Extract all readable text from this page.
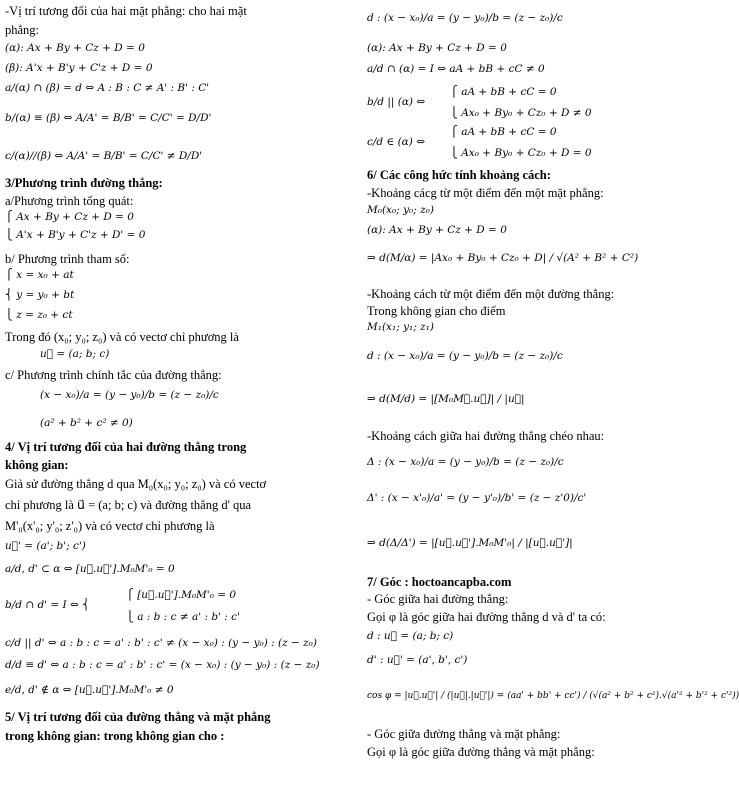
-Vị trí tương đối của hai mặt phẳng: cho hai mặt
phẳng:
(α): Ax + By + Cz + D = 0
(β): A'x + B'y + C'z + D = 0
a/(α) ∩ (β) = d ⇔ A : B : C ≠ A' : B' : C'
b/(α) ≡ (β) ⇔ A/A' = B/B' = C/C' = D/D'
c/(α)//(β) ⇔ A/A' = B/B' = C/C' ≠ D/D'
3/Phương trình đường thẳng:
a/Phương trình tổng quát:
⎧ Ax + By + Cz + D = 0
⎩ A'x + B'y + C'z + D' = 0
b/ Phương trình tham số:
⎧ x = x₀ + at
⎨ y = y₀ + bt
⎩ z = z₀ + ct
Trong đó (x₀; y₀; z₀) và có vectơ chỉ phương là
u⃗ = (a; b; c)
c/ Phương trình chính tắc của đường thẳng:
(x − x₀)/a = (y − y₀)/b = (z − z₀)/c
(a² + b² + c² ≠ 0)
4/ Vị trí tương đối của hai đường thẳng trong
không gian:
Giả sử đường thẳng d qua M₀(x₀; y₀; z₀) và có vectơ
chỉ phương là u⃗ = (a; b; c) và đường thẳng d' qua
M'₀(x'₀; y'₀; z'₀) và có vectơ chỉ phương là
u⃗' = (a'; b'; c')
a/d, d' ⊂ α ⇔ [u⃗.u⃗'].M₀M'₀ = 0
⎧ [u⃗.u⃗'].M₀M'₀ = 0
b/d ∩ d' = I ⇔ ⎨
⎩ a : b : c ≠ a' : b' : c'
c/d || d' ⇔ a : b : c = a' : b' : c' ≠ (x − x₀) : (y − y₀) : (z − z₀)
d/d ≡ d' ⇔ a : b : c = a' : b' : c' = (x − x₀) : (y − y₀) : (z − z₀)
e/d, d' ∉ α ⇔ [u⃗.u⃗'].M₀M'₀ ≠ 0
5/ Vị trí tương đối của đường thẳng và mặt phẳng
trong không gian: trong không gian cho :
d : (x − x₀)/a = (y − y₀)/b = (z − z₀)/c
(α): Ax + By + Cz + D = 0
a/d ∩ (α) = I ⇔ aA + bB + cC ≠ 0
⎧ aA + bB + cC = 0
b/d || (α) ⇔
⎩ Ax₀ + By₀ + Cz₀ + D ≠ 0
⎧ aA + bB + cC = 0
c/d ∈ (α) ⇔
⎩ Ax₀ + By₀ + Cz₀ + D = 0
6/ Các công hức tính khoảng cách:
-Khoảng cácg từ một điểm đến một mặt phẳng:
M₀(x₀; y₀; z₀)
(α): Ax + By + Cz + D = 0
⇒ d(M/α) = |Ax₀ + By₀ + Cz₀ + D| / √(A² + B² + C²)
-Khoảng cách từ một điểm đến một đường thẳng:
Trong không gian cho điểm
M₁(x₁; y₁; z₁)
d : (x − x₀)/a = (y − y₀)/b = (z − z₀)/c
⇒ d(M/d) = |[M₀M⃗.u⃗]| / |u⃗|
-Khoảng cách giữa hai đường thẳng chéo nhau:
Δ : (x − x₀)/a = (y − y₀)/b = (z − z₀)/c
Δ' : (x − x'₀)/a' = (y − y'₀)/b' = (z − z'0)/c'
⇒ d(Δ/Δ') = |[u⃗.u⃗'].M₀M'₀| / |[u⃗.u⃗']|
7/ Góc : hoctoancapba.com
- Góc giữa hai đường thẳng:
Gọi φ là góc giữa hai đường thẳng d và d' ta có:
d : u⃗ = (a; b; c)
d' : u⃗' = (a', b', c')
cos φ = |u⃗.u⃗'| / (|u⃗|.|u⃗'|) = (aa' + bb' + cc') / (√(a² + b² + c²).√(a'² + b'² + c'²))
- Góc giữa đường thẳng và mặt phẳng:
Gọi φ là góc giữa đường thẳng và mặt phẳng:
